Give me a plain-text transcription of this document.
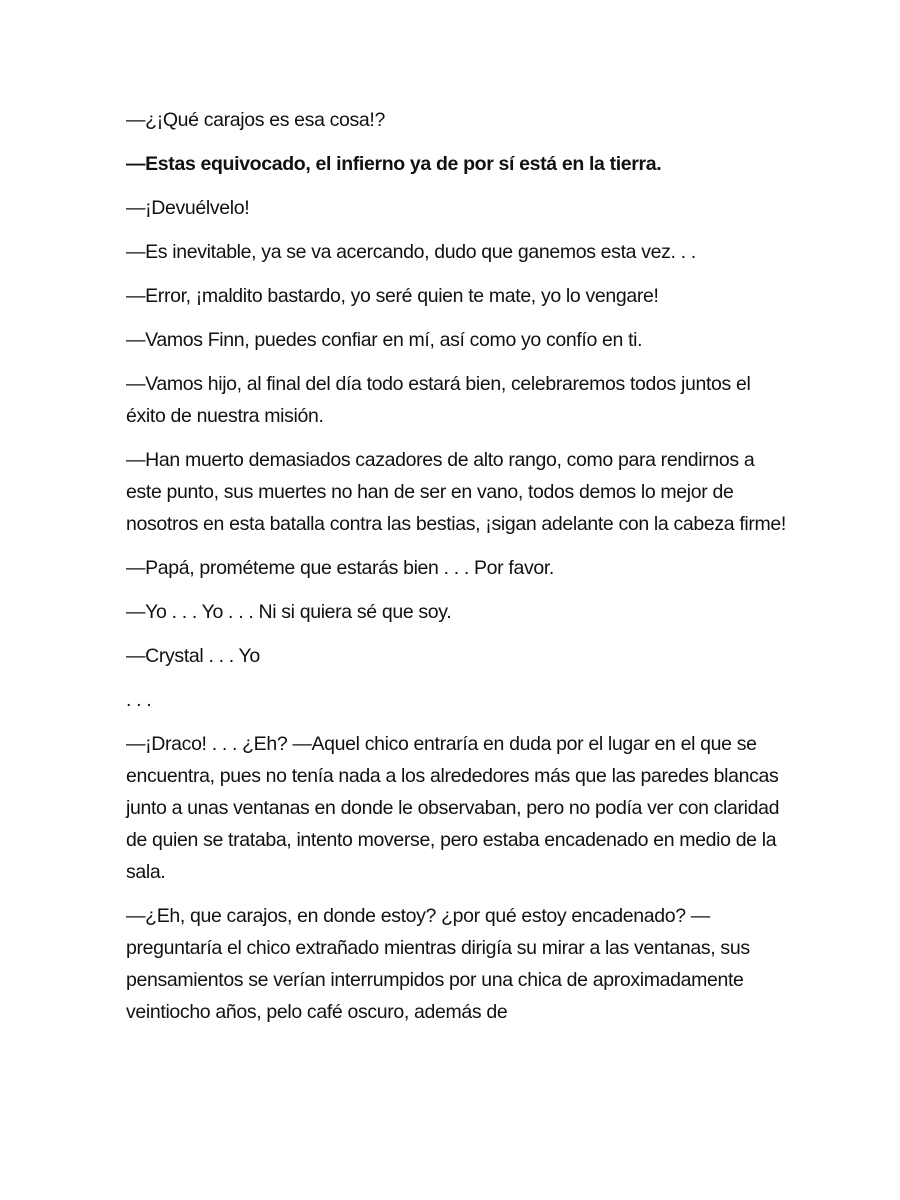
—¿¡Qué carajos es esa cosa!?

—Estas equivocado, el infierno ya de por sí está en la tierra.

—¡Devuélvelo!

—Es inevitable, ya se va acercando, dudo que ganemos esta vez. . .

—Error, ¡maldito bastardo, yo seré quien te mate, yo lo vengare!

—Vamos Finn, puedes confiar en mí, así como yo confío en ti.

—Vamos hijo, al final del día todo estará bien, celebraremos todos juntos el éxito de nuestra misión.

—Han muerto demasiados cazadores de alto rango, como para rendirnos a este punto, sus muertes no han de ser en vano, todos demos lo mejor de nosotros en esta batalla contra las bestias, ¡sigan adelante con la cabeza firme!

—Papá, prométeme que estarás bien . . . Por favor.

—Yo . . . Yo . . . Ni si quiera sé que soy.

—Crystal . . . Yo

. . .

—¡Draco! . . . ¿Eh? —Aquel chico entraría en duda por el lugar en el que se encuentra, pues no tenía nada a los alrededores más que las paredes blancas junto a unas ventanas en donde le observaban, pero no podía ver con claridad de quien se trataba, intento moverse, pero estaba encadenado en medio de la sala.

—¿Eh, que carajos, en donde estoy? ¿por qué estoy encadenado? —preguntaría el chico extrañado mientras dirigía su mirar a las ventanas, sus pensamientos se verían interrumpidos por una chica de aproximadamente veintiocho años, pelo café oscuro, además de
